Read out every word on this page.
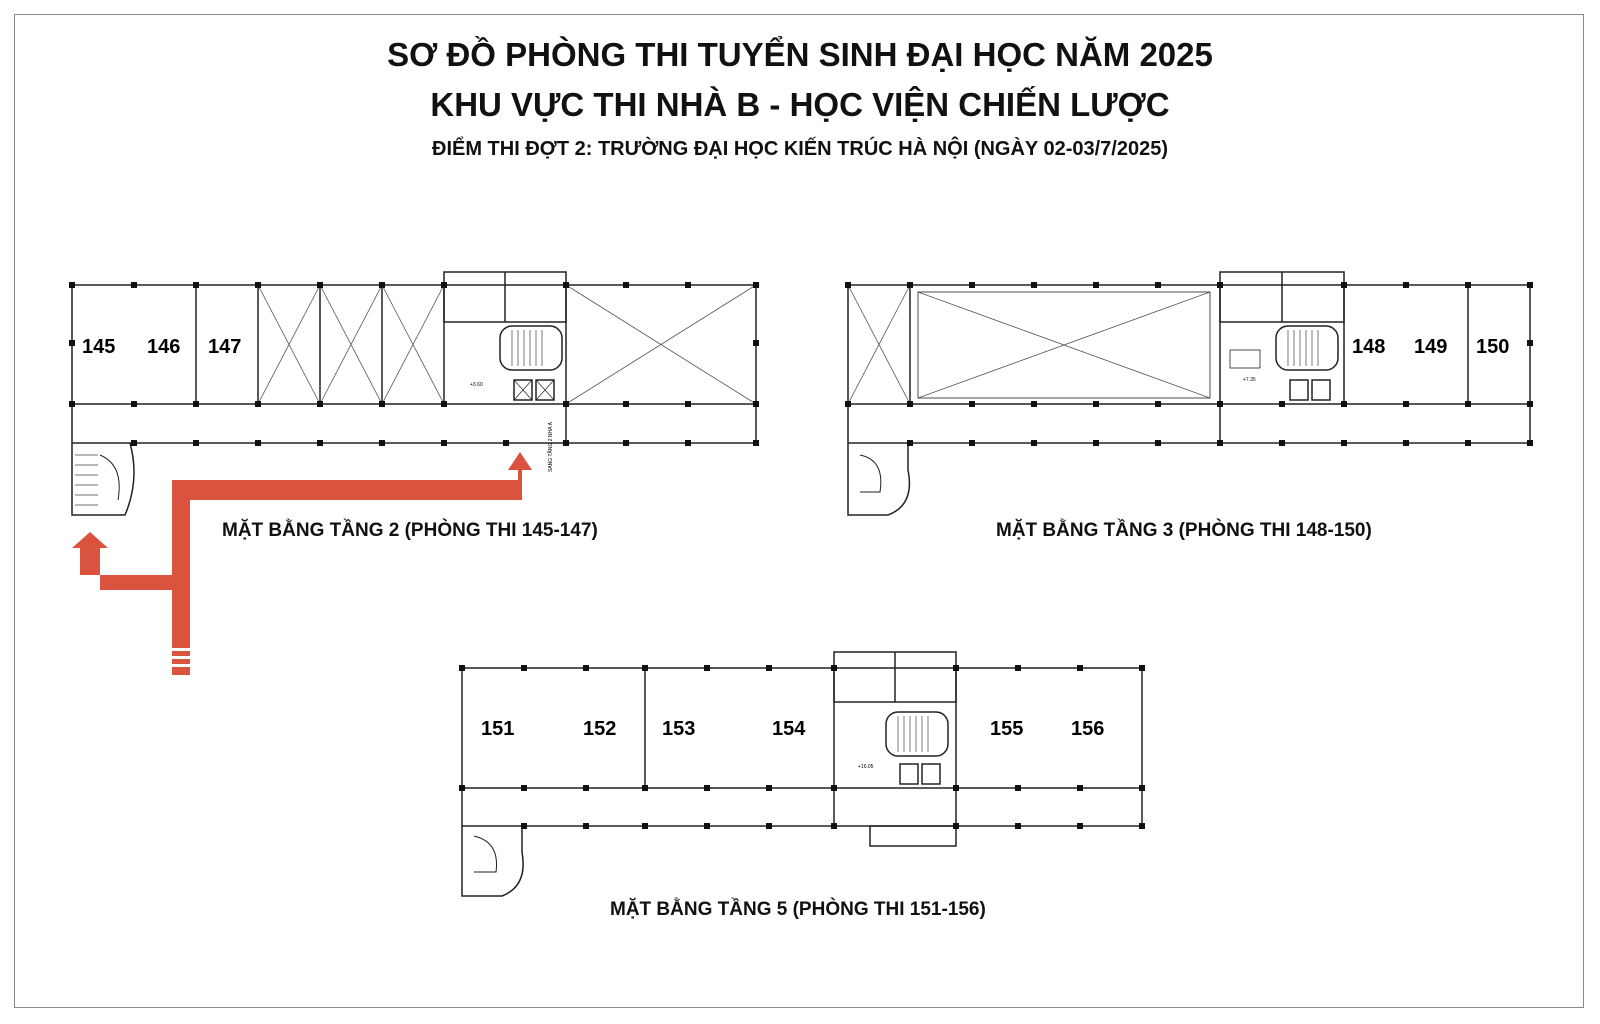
SƠ ĐỒ PHÒNG THI TUYỂN SINH ĐẠI HỌC NĂM 2025
KHU VỰC THI NHÀ B - HỌC VIỆN CHIẾN LƯỢC
ĐIỂM THI ĐỢT 2: TRƯỜNG ĐẠI HỌC KIẾN TRÚC HÀ NỘI (NGÀY 02-03/7/2025)
145 146 147
+3.60
SANG TẦNG 2 NHÀ A
148 149 150
+7.35
151	152 153	154	155 156
+16.05
MẶT BẰNG TẦNG 2 (PHÒNG THI 145-147)	MẶT BẰNG TẦNG 3 (PHÒNG THI 148-150)
MẶT BẰNG TẦNG 5 (PHÒNG THI 151-156)
